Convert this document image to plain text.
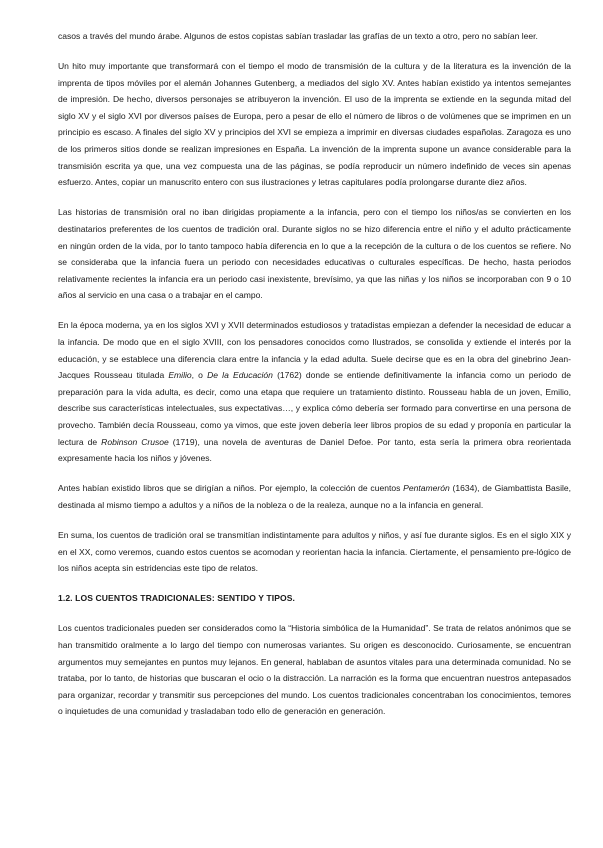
casos a través del mundo árabe. Algunos de estos copistas sabían trasladar las grafías de un texto a otro, pero no sabían leer.

Un hito muy importante que transformará con el tiempo el modo de transmisión de la cultura y de la literatura es la invención de la imprenta de tipos móviles por el alemán Johannes Gutenberg, a mediados del siglo XV. Antes habían existido ya intentos semejantes de impresión. De hecho, diversos personajes se atribuyeron la invención. El uso de la imprenta se extiende en la segunda mitad del siglo XV y el siglo XVI por diversos países de Europa, pero a pesar de ello el número de libros o de volúmenes que se imprimen en un principio es escaso. A finales del siglo XV y principios del XVI se empieza a imprimir en diversas ciudades españolas. Zaragoza es uno de los primeros sitios donde se realizan impresiones en España. La invención de la imprenta supone un avance considerable para la transmisión escrita ya que, una vez compuesta una de las páginas, se podía reproducir un número indefinido de veces sin apenas esfuerzo. Antes, copiar un manuscrito entero con sus ilustraciones y letras capitulares podía prolongarse durante diez años.

Las historias de transmisión oral no iban dirigidas propiamente a la infancia, pero con el tiempo los niños/as se convierten en los destinatarios preferentes de los cuentos de tradición oral. Durante siglos no se hizo diferencia entre el niño y el adulto prácticamente en ningún orden de la vida, por lo tanto tampoco había diferencia en lo que a la recepción de la cultura o de los cuentos se refiere. No se consideraba que la infancia fuera un periodo con necesidades educativas o culturales específicas. De hecho, hasta periodos relativamente recientes la infancia era un periodo casi inexistente, brevísimo, ya que las niñas y los niños se incorporaban con 9 o 10 años al servicio en una casa o a trabajar en el campo.

En la época moderna, ya en los siglos XVI y XVII determinados estudiosos y tratadistas empiezan a defender la necesidad de educar a la infancia. De modo que en el siglo XVIII, con los pensadores conocidos como Ilustrados, se consolida y extiende el interés por la educación, y se establece una diferencia clara entre la infancia y la edad adulta. Suele decirse que es en la obra del ginebrino Jean-Jacques Rousseau titulada Emilio, o De la Educación (1762) donde se entiende definitivamente la infancia como un periodo de preparación para la vida adulta, es decir, como una etapa que requiere un tratamiento distinto. Rousseau habla de un joven, Emilio, describe sus características intelectuales, sus expectativas…, y explica cómo debería ser formado para convertirse en una persona de provecho. También decía Rousseau, como ya vimos, que este joven debería leer libros propios de su edad y proponía en particular la lectura de Robinson Crusoe (1719), una novela de aventuras de Daniel Defoe. Por tanto, esta sería la primera obra reorientada expresamente hacia los niños y jóvenes.

Antes habían existido libros que se dirigían a niños. Por ejemplo, la colección de cuentos Pentamerón (1634), de Giambattista Basile, destinada al mismo tiempo a adultos y a niños de la nobleza o de la realeza, aunque no a la infancia en general.

En suma, los cuentos de tradición oral se transmitían indistintamente para adultos y niños, y así fue durante siglos. Es en el siglo XIX y en el XX, como veremos, cuando estos cuentos se acomodan y reorientan hacia la infancia. Ciertamente, el pensamiento pre-lógico de los niños acepta sin estridencias este tipo de relatos.

1.2. LOS CUENTOS TRADICIONALES: SENTIDO Y TIPOS.

Los cuentos tradicionales pueden ser considerados como la “Historia simbólica de la Humanidad”. Se trata de relatos anónimos que se han transmitido oralmente a lo largo del tiempo con numerosas variantes. Su origen es desconocido. Curiosamente, se encuentran argumentos muy semejantes en puntos muy lejanos. En general, hablaban de asuntos vitales para una determinada comunidad. No se trataba, por lo tanto, de historias que buscaran el ocio o la distracción. La narración es la forma que encuentran nuestros antepasados para organizar, recordar y transmitir sus percepciones del mundo. Los cuentos tradicionales concentraban los conocimientos, temores o inquietudes de una comunidad y trasladaban todo ello de generación en generación.
